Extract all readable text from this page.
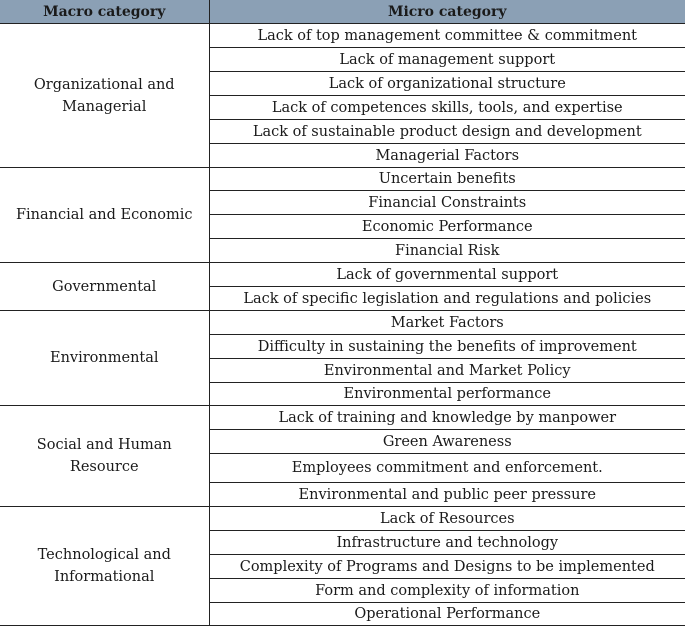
Macro category	Micro category

Organizational and
Managerial	Lack of top management committee & commitment
	Lack of management support
	Lack of organizational structure
	Lack of competences skills, tools, and expertise
	Lack of sustainable product design and development
	Managerial Factors

Financial and Economic	Uncertain benefits
	Financial Constraints
	Economic Performance
	Financial Risk

Governmental	Lack of governmental support
	Lack of specific legislation and regulations and policies

Environmental	Market Factors
	Difficulty in sustaining the benefits of improvement
	Environmental and Market Policy
	Environmental performance

Social and Human
Resource	Lack of training and knowledge by manpower
	Green Awareness
	Employees commitment and enforcement.
	Environmental and public peer pressure

Technological and
Informational	Lack of Resources
	Infrastructure and technology
	Complexity of Programs and Designs to be implemented
	Form and complexity of information
	Operational Performance
